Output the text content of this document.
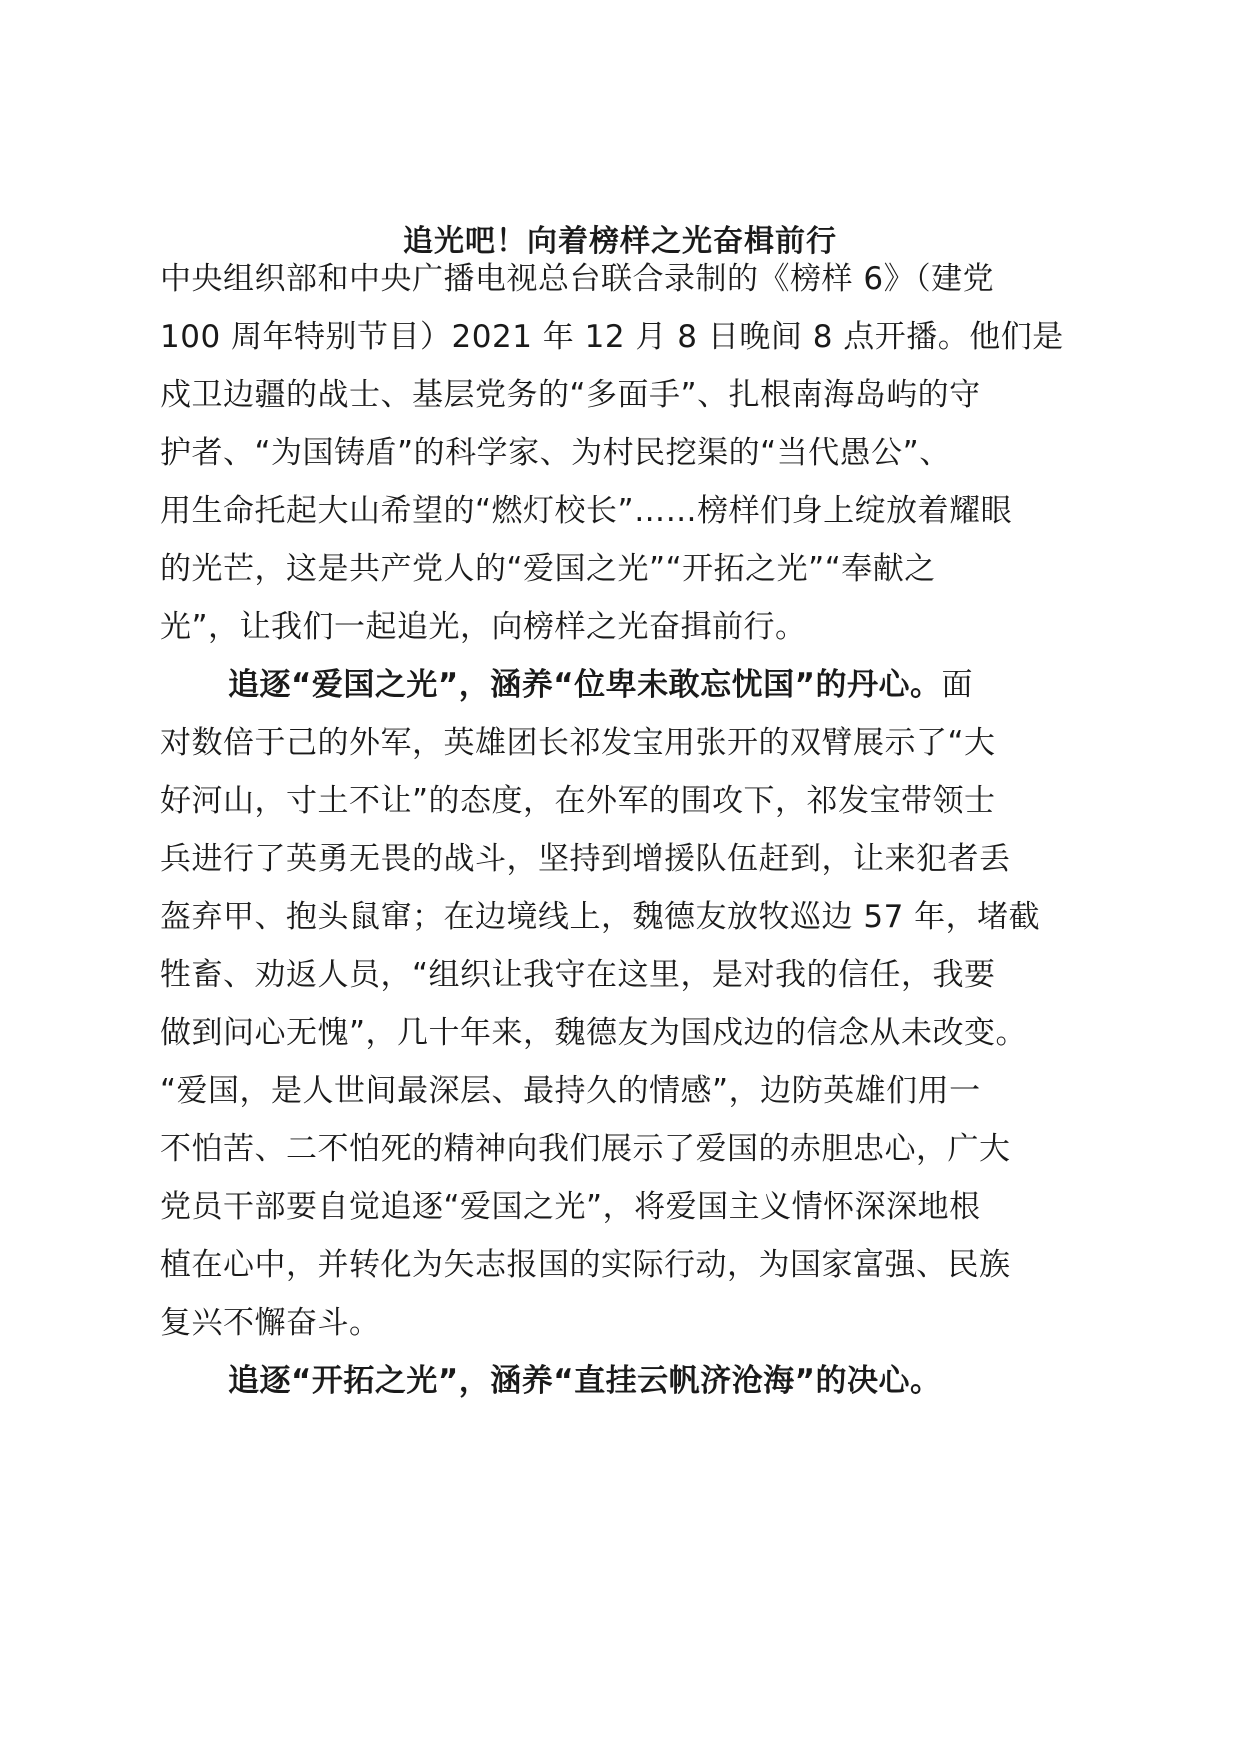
追光吧！向着榜样之光奋楫前行
中央组织部和中央广播电视总台联合录制的《榜样 6》（建党
100 周年特别节目）2021 年 12 月 8 日晚间 8 点开播。他们是
戍卫边疆的战士、基层党务的“多面手”、扎根南海岛屿的守
护者、“为国铸盾”的科学家、为村民挖渠的“当代愚公”、
用生命托起大山希望的“燃灯校长”……榜样们身上绽放着耀眼
的光芒，这是共产党人的“爱国之光”“开拓之光”“奉献之
光”，让我们一起追光，向榜样之光奋揖前行。
追逐“爱国之光”，涵养“位卑未敢忘忧国”的丹心。面
对数倍于己的外军，英雄团长祁发宝用张开的双臂展示了“大
好河山，寸土不让”的态度，在外军的围攻下，祁发宝带领士
兵进行了英勇无畏的战斗，坚持到增援队伍赶到，让来犯者丢
盔弃甲、抱头鼠窜；在边境线上，魏德友放牧巡边 57 年，堵截
牲畜、劝返人员，“组织让我守在这里，是对我的信任，我要
做到问心无愧”，几十年来，魏德友为国戍边的信念从未改变。
“爱国，是人世间最深层、最持久的情感”，边防英雄们用一
不怕苦、二不怕死的精神向我们展示了爱国的赤胆忠心，广大
党员干部要自觉追逐“爱国之光”，将爱国主义情怀深深地根
植在心中，并转化为矢志报国的实际行动，为国家富强、民族
复兴不懈奋斗。
追逐“开拓之光”，涵养“直挂云帆济沧海”的决心。
